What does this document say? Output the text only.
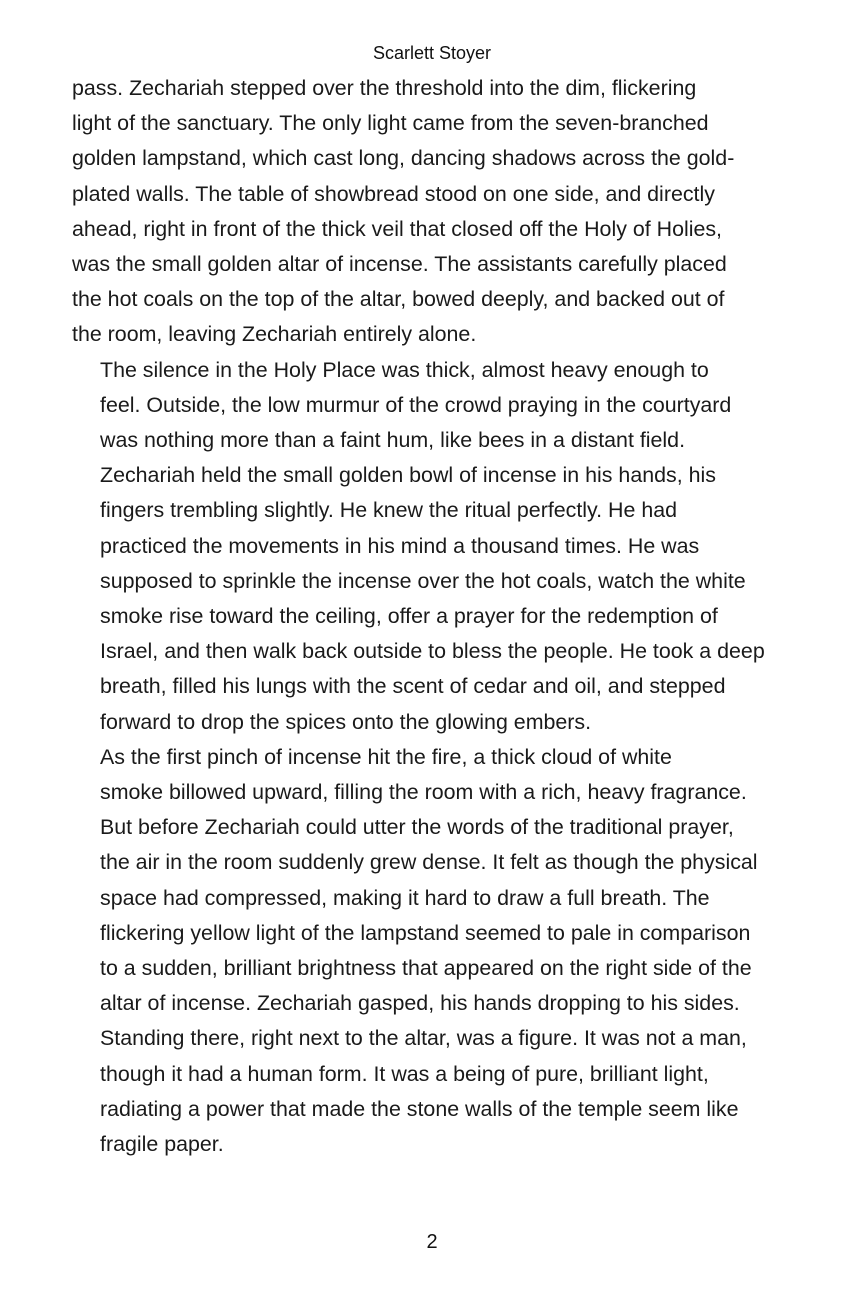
Scarlett Stoyer

pass. Zechariah stepped over the threshold into the dim, flickering
light of the sanctuary. The only light came from the seven-branched
golden lampstand, which cast long, dancing shadows across the gold-
plated walls. The table of showbread stood on one side, and directly
ahead, right in front of the thick veil that closed off the Holy of Holies,
was the small golden altar of incense. The assistants carefully placed
the hot coals on the top of the altar, bowed deeply, and backed out of
the room, leaving Zechariah entirely alone.

The silence in the Holy Place was thick, almost heavy enough to
feel. Outside, the low murmur of the crowd praying in the courtyard
was nothing more than a faint hum, like bees in a distant field.
Zechariah held the small golden bowl of incense in his hands, his
fingers trembling slightly. He knew the ritual perfectly. He had
practiced the movements in his mind a thousand times. He was
supposed to sprinkle the incense over the hot coals, watch the white
smoke rise toward the ceiling, offer a prayer for the redemption of
Israel, and then walk back outside to bless the people. He took a deep
breath, filled his lungs with the scent of cedar and oil, and stepped
forward to drop the spices onto the glowing embers.

As the first pinch of incense hit the fire, a thick cloud of white
smoke billowed upward, filling the room with a rich, heavy fragrance.
But before Zechariah could utter the words of the traditional prayer,
the air in the room suddenly grew dense. It felt as though the physical
space had compressed, making it hard to draw a full breath. The
flickering yellow light of the lampstand seemed to pale in comparison
to a sudden, brilliant brightness that appeared on the right side of the
altar of incense. Zechariah gasped, his hands dropping to his sides.
Standing there, right next to the altar, was a figure. It was not a man,
though it had a human form. It was a being of pure, brilliant light,
radiating a power that made the stone walls of the temple seem like
fragile paper.

2
